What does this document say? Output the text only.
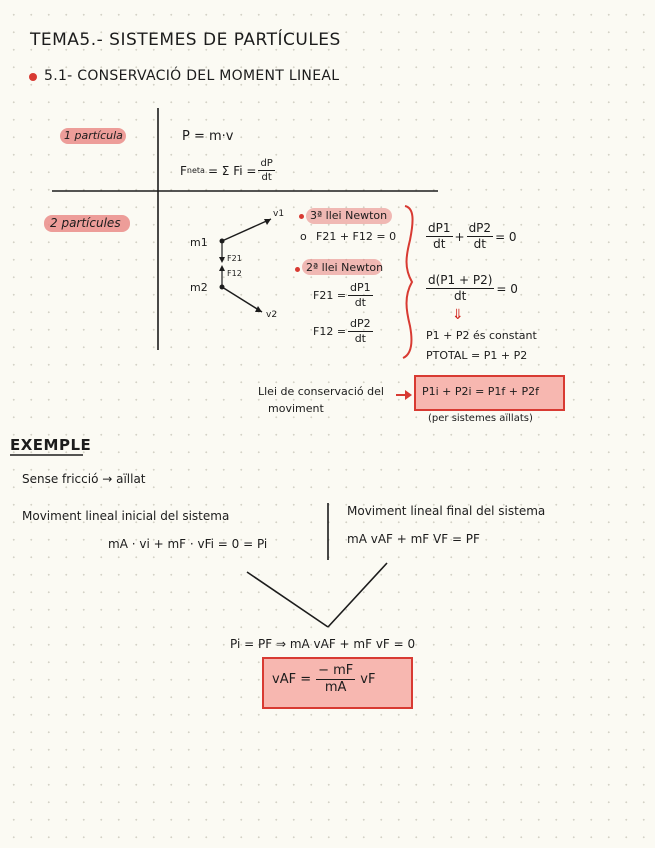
TEMA5.- SISTEMES DE PARTÍCULES
5.1- CONSERVACIÓ DEL MOMENT LINEAL
1 partícula	P = m·v
F neta = Σ $Fi = \frac{dP}{dt}$
2 partícules
m1
m2
v1
v2
F21
F12
3ª llei Newton
o F21 + F12 = 0
2ª llei Newton
$F21 = \frac{dP1}{dt}$
$F12 = \frac{dP2}{dt}$
$\frac{dP1}{dt} + \frac{dP2}{dt} = 0$
$\frac{d(P1 + P2)}{dt} = 0$
⇓
P1 + P2 és constant
PTOTAL = P1 + P2
Llei de conservació del
moviment
P1i + P2i = P1f + P2f
(per sistemes aïllats)
EXEMPLE
Sense fricció → aïllat
Moviment lineal inicial del sistema
mA · vi + mF · vFi = 0 = Pi
Moviment lineal final del sistema
mA vAF + mF VF = PF
Pi = PF ⇒ mA vAF + mF vF = 0
vAF = $\frac{- mF}{mA}$ vF
